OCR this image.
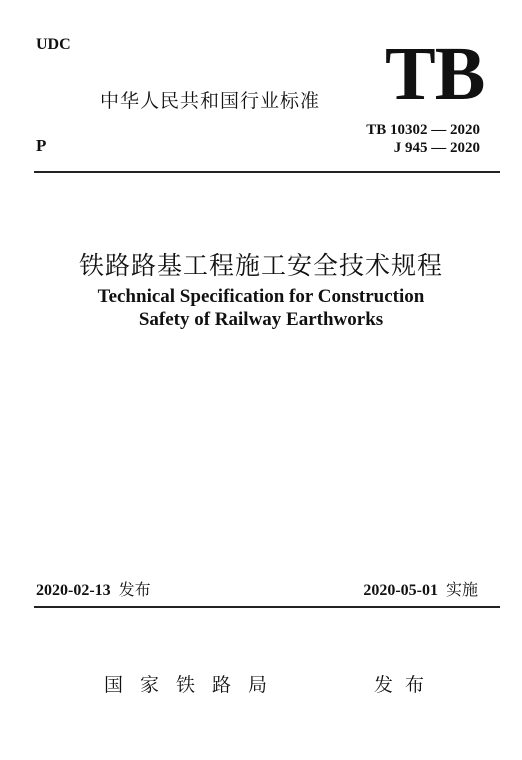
UDC
P
中华人民共和国行业标准 TB
TB 10302 — 2020
J 945 — 2020
铁路路基工程施工安全技术规程
Technical Specification for Construction
Safety of Railway Earthworks
2020-02-13 发布	2020-05-01 实施
国家铁路局	发布
